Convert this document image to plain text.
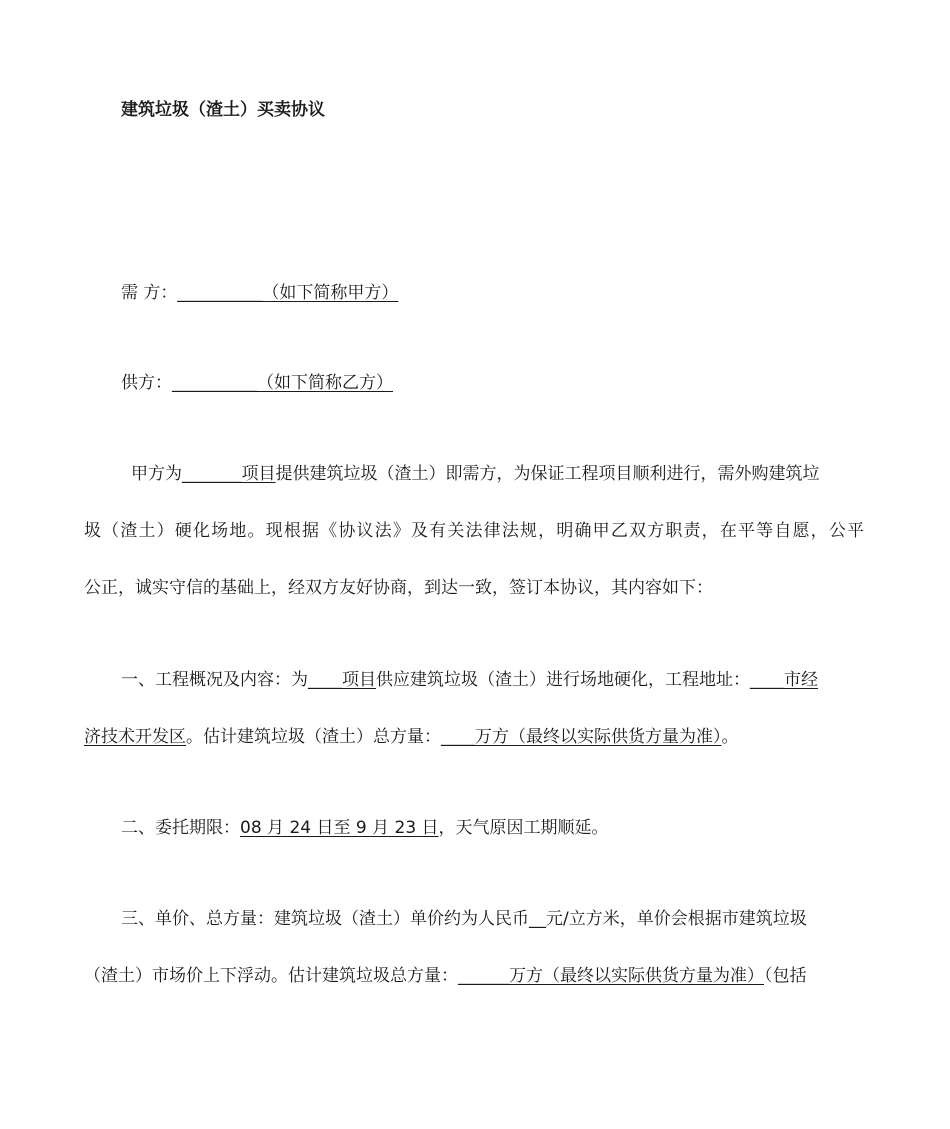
建筑垃圾（渣土）买卖协议
需 方：__________（如下简称甲方）
供方：__________（如下简称乙方）
甲方为_______项目提供建筑垃圾（渣土）即需方，为保证工程项目顺利进行，需外购建筑垃
圾（渣土）硬化场地。现根据《协议法》及有关法律法规，明确甲乙双方职责，在平等自愿，公平
公正，诚实守信的基础上，经双方友好协商，到达一致，签订本协议，其内容如下：
一、工程概况及内容：为____项目供应建筑垃圾（渣土）进行场地硬化，工程地址：____市经
济技术开发区。估计建筑垃圾（渣土）总方量：____万方（最终以实际供货方量为准）。
二、委托期限：08 月 24 日至 9 月 23 日，天气原因工期顺延。
三、单价、总方量：建筑垃圾（渣土）单价约为人民币__元/立方米，单价会根据市建筑垃圾
（渣土）市场价上下浮动。估计建筑垃圾总方量：______万方（最终以实际供货方量为准）（包括
